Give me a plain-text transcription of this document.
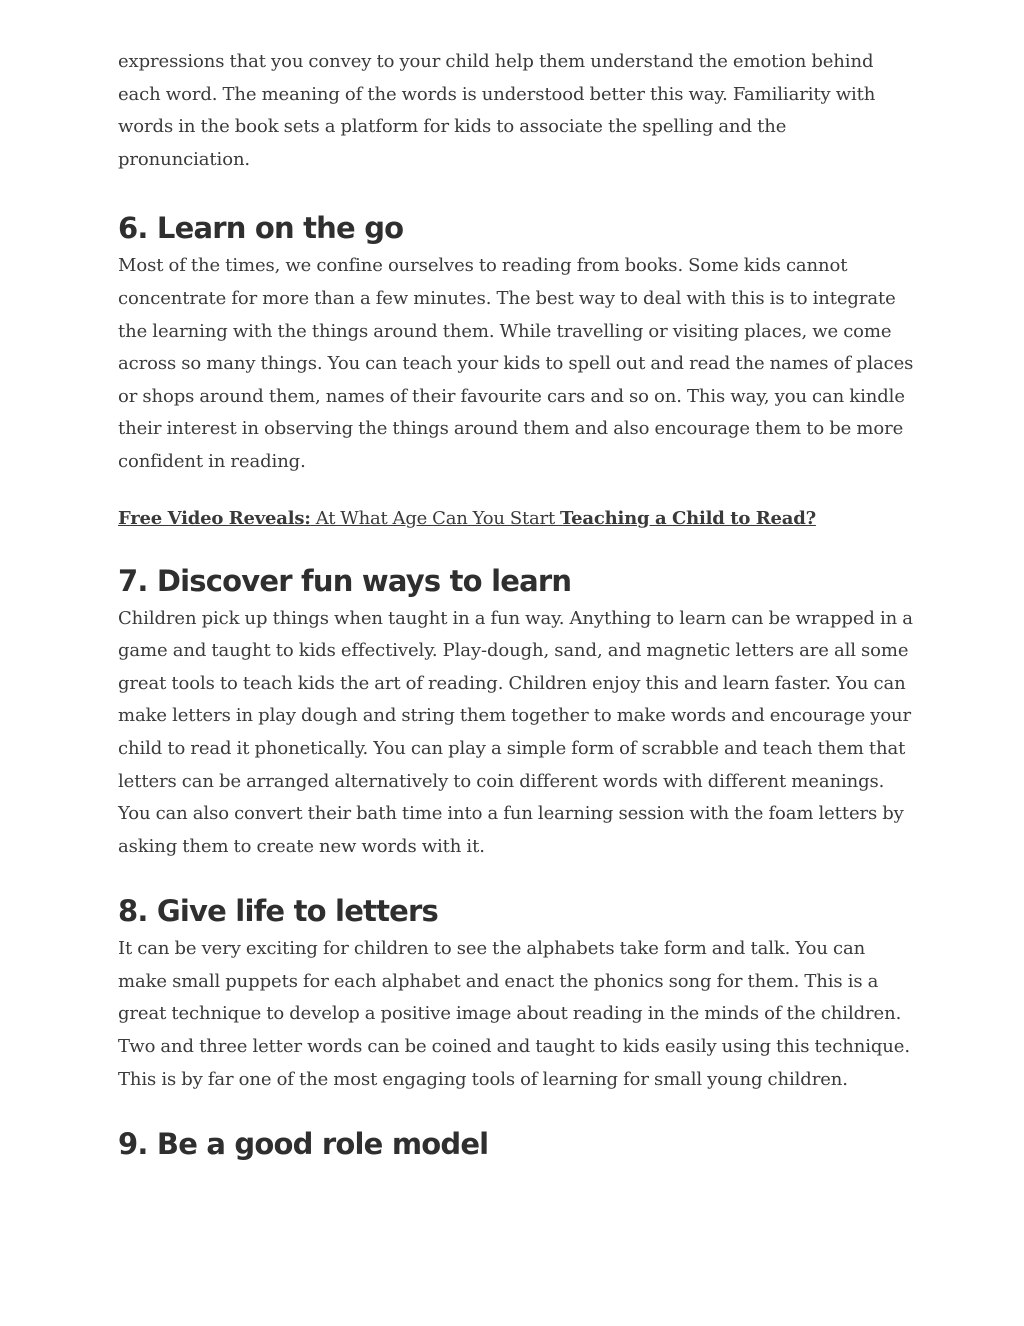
expressions that you convey to your child help them understand the emotion behind each word. The meaning of the words is understood better this way. Familiarity with words in the book sets a platform for kids to associate the spelling and the pronunciation.

6. Learn on the go

Most of the times, we confine ourselves to reading from books. Some kids cannot concentrate for more than a few minutes. The best way to deal with this is to integrate the learning with the things around them. While travelling or visiting places, we come across so many things. You can teach your kids to spell out and read the names of places or shops around them, names of their favourite cars and so on. This way, you can kindle their interest in observing the things around them and also encourage them to be more confident in reading.

Free Video Reveals: At What Age Can You Start Teaching a Child to Read?

7. Discover fun ways to learn

Children pick up things when taught in a fun way. Anything to learn can be wrapped in a game and taught to kids effectively. Play-dough, sand, and magnetic letters are all some great tools to teach kids the art of reading. Children enjoy this and learn faster. You can make letters in play dough and string them together to make words and encourage your child to read it phonetically. You can play a simple form of scrabble and teach them that letters can be arranged alternatively to coin different words with different meanings. You can also convert their bath time into a fun learning session with the foam letters by asking them to create new words with it.

8. Give life to letters

It can be very exciting for children to see the alphabets take form and talk. You can make small puppets for each alphabet and enact the phonics song for them. This is a great technique to develop a positive image about reading in the minds of the children. Two and three letter words can be coined and taught to kids easily using this technique. This is by far one of the most engaging tools of learning for small young children.

9. Be a good role model
